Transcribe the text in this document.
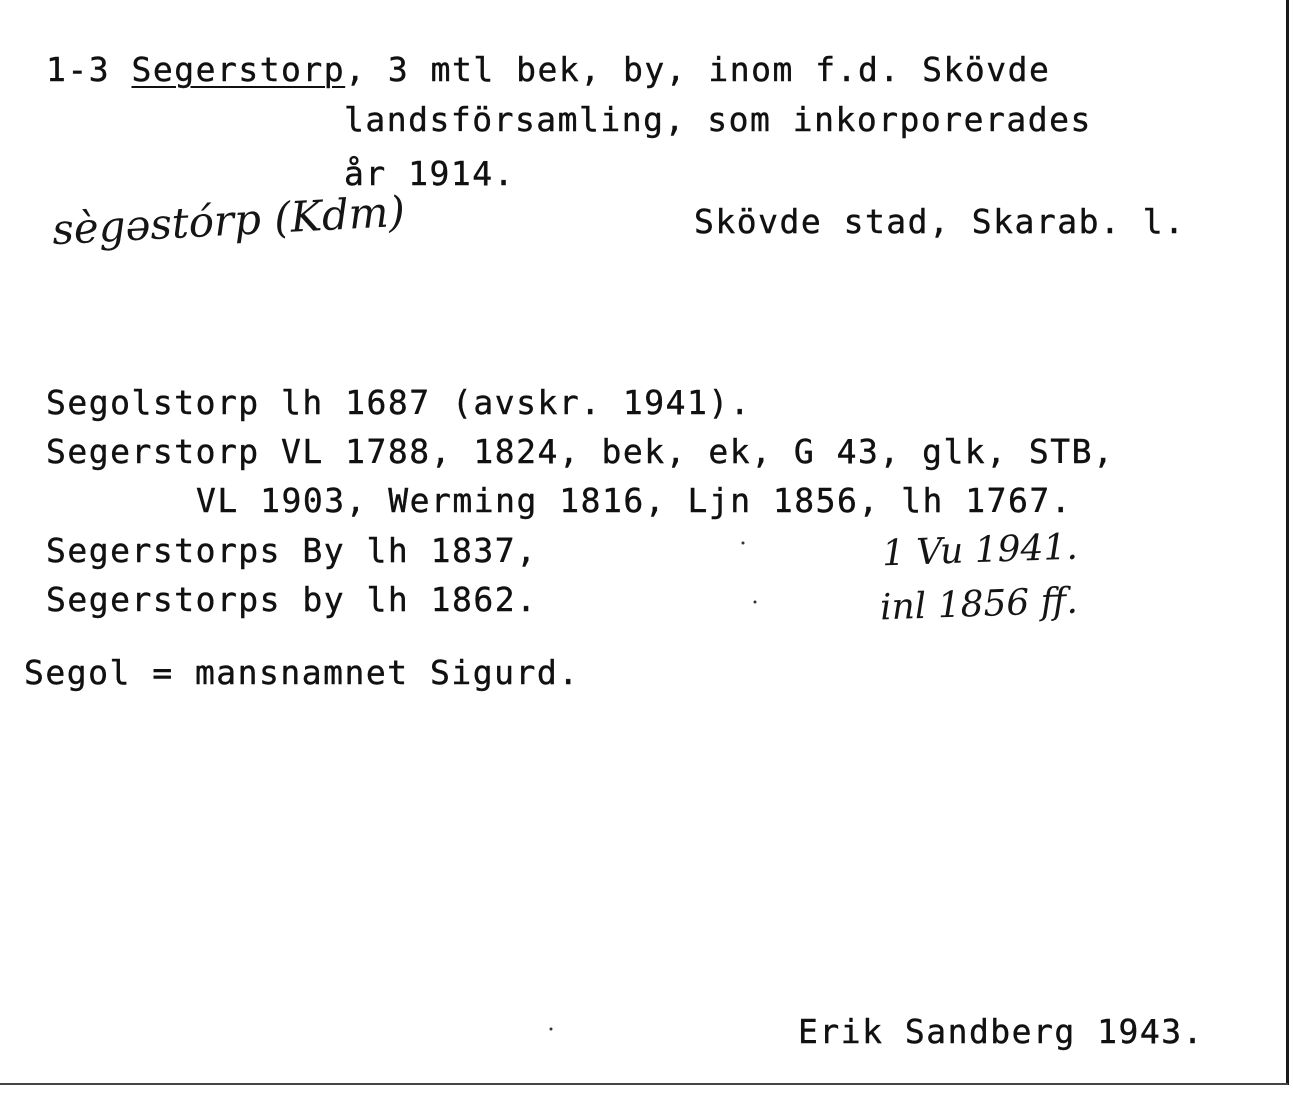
1-3 Segerstorp, 3 mtl bek, by, inom f.d. Skövde
landsförsamling, som inkorporerades
år 1914.
sègəstórp (Kdm)	Skövde stad, Skarab. l.
Segolstorp lh 1687 (avskr. 1941).
Segerstorp VL 1788, 1824, bek, ek, G 43, glk, STB,
VL 1903, Werming 1816, Ljn 1856, lh 1767.
Segerstorps By lh 1837,
Segerstorps by lh 1862.
1 Vu 1941.
inl 1856 ff.
Segol = mansnamnet Sigurd.
Erik Sandberg 1943.
